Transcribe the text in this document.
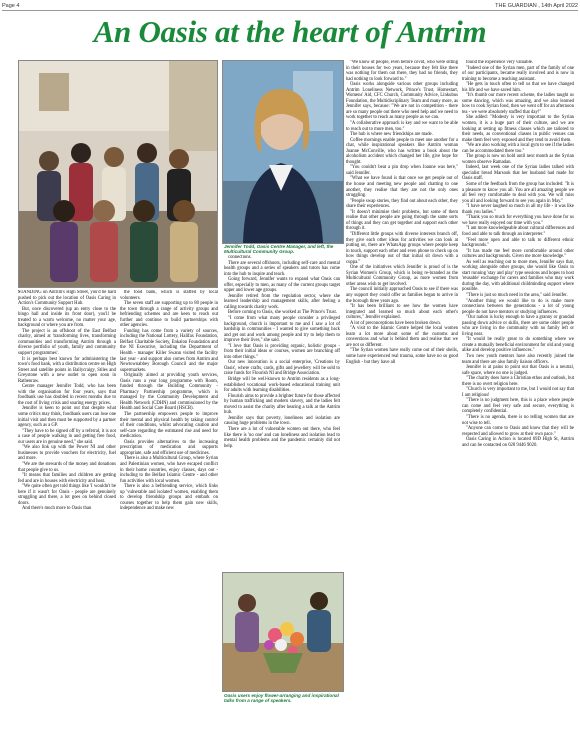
Page 4	THE GUARDIAN , 14th April 2022
An Oasis at the heart of Antrim
Jennifer Todd, Oasis Centre Manager, and left, the Multicultural Community Group.
Oasis users enjoy flower-arranging and inspirational talks from a range of speakers.

STANDING on Antrim's High Street, you'd be hard pushed to pick out the location of Oasis Caring in Action's Community Support Hub.

But, once discovered (up an entry close to the bingo hall and inside its front door), you'll be treated to a warm welcome, no matter your age, background or where you are from.

The project is an offshoot of the East Belfast charity, aimed at 'transforming lives, transforming communities and transforming Antrim through a diverse portfolio of youth, family and community support programmes'.

It is perhaps best known for administering the town's food bank, with a distribution centre on High Street and satellite points in Ballycraigy, Stiles and Greystone with a new outlet to open soon in Rathenraw.

Centre manager Jennifer Todd, who has been with the organisation for four years, says that foodbank use has doubled in recent months due to the cost of living crisis and soaring energy prices.

Jennifer is keen to point out that despite what some critics may think, foodbank users can lose one initial visit and then must be supported by a partner agency, such as a GP.

"They have to be signed off by a referral, it is not a case of people walking in and getting free food, our users are in genuine need," she said.

"We also link up with the Power NI and other businesses to provide vouchers for electricity, fuel and more.

"We are the stewards of the money and donations that people give to us.

"It means that families and children are getting fed and are in houses with electricity and heat.

"We quite often get told things like 'I wouldn't be here if it wasn't for Oasis - people are genuinely struggling and there, a lot goes on behind closed doors.

And there's much more to Oasis than

the food bank, which is staffed by local volunteers.

The seven staff are supporting up to 80 people in the town through a range of activity groups and befriending schemes and are keen to reach out further and continue to build partnerships with other agencies.

Funding has come from a variety of sources, including the National Lottery, Halifax Foundation, Belfast Charitable Society, Enkalon Foundation and the NI Executive, including the Department of Health - manager Kiiler Swann visited the facility last year - and support also comes from Antrim and Newtownabbey Borough Council and the major supermarkets.

Originally aimed at providing youth services, Oasis runs a year long programme with Room, funded through the Building Community - Pharmacy Partnership programme, which is managed by the Community Development and Health Network (CDHN) and commissioned by the Health and Social Care Board (HSCB).

The partnership empowers people to improve their mental and physical health by taking control of their conditions, whilst advocating caution and self-care regarding the estimated rise and need for medication.

Oasis provides alternatives to the increasing prescription of medication and supports appropriate, safe and efficient use of medicines.

There is also a Multicultural Group, where Syrian and Palestinian women, who have escaped conflict in their home countries, enjoy classes, days out - including to the Belfast Islamic Centre - and other fun activities with local women.

There is also a befriending service, which links up 'vulnerable and isolated' women, enabling them to develop friendship groups and embark on courses together to help them gain new skills, independence and make new

connections.

There are several offshoots, including self-care and mental health groups and a series of speakers and tutors has come into the hub to inspire and teach.

Going forward, Jennifer wants to expand what Oasis can offer, especially to men, as many of the current groups target upper and lower age groups.

Jennifer retired from the regulation sector, where she learned leadership and management skills, after feeling a calling towards charity work.

Before coming to Oasis, she worked at The Prince's Trust.

"I come from what many people consider a privileged background, church is important to me and I saw a lot of hardship in communities - I wanted to give something back and get out and work among people and try to help them to improve their lives," she said.

"I love that Oasis is providing organic, holistic groups - from their initial ideas or courses, women are branching off into other things."

Our new innovation is a social enterprise, 'Creations by Oasis', where crafts, cards, gifts and jewellery will be sold to raise funds for Flourish NI and Bridge Association.

Bridge will be well-known to Antrim residents as a long-established vocational work-based educational training unit for adults with learning disabilities.

Flourish aims to provide a brighter future for those affected by human trafficking and modern slavery, and the ladies felt moved to assist the charity after hearing a talk at the Antrim hub.

Jennifer says that poverty, loneliness and isolation are causing huge problems in the town.

There are a lot of vulnerable women out there, who feel like there is 'no one' and can loneliness and isolation lead to mental health problems and the pandemic certainly did not help.

"We know of people, even before covid, who were sitting in their houses for two years, because they felt like there was nothing for them out there, they had no friends, they had nothing to look forward to."

Oasis works alongside various other groups including Antrim Loneliness Network, Prince's Trust, Homestart, Womens' Aid, CFC Church, Community Advice, Linkubus Foundation, the Multidisciplinary Team and many more, as Jennifer says, because: "We are not in competition - there are so many people out there who need help and we need to work together to reach as many people as we can.

"A collaborative approach is key and we want to be able to reach out to more men, too."

The hub is where new friendships are made.

Coffee mornings enable people to meet one another for a chat, while inspirational speakers like Antrim woman Joanne McConville, who has written a book about the alcoholism accident which changed her life, give hope for thought.

"You couldn't beat a pin drop when Joanne was here," said Jennifer.

"What we have found is that once we get people out of the house and meeting new people and chatting to one another, they realise that they are not the only ones struggling.

"People swap stories, they find out about each other, they share their experiences.

"It doesn't minimise their problems, but some of them realise that other people are going through the same sorts of things and they can get together and support each other through it.

"Different little groups with diverse interests branch off, they give each other ideas for activities we can look at putting on, there are WhatsApp groups where people keep in touch, support each other and even phone to check up on how things develop out of that initial sit down with a cuppa."

One of the initiatives which Jennifer is proud of is the Syrian Women's Group, which is being re-branded as the Multicultural Community Group, as more women from other areas wish to get involved.

The council initially approached Oasis to see if there was any support they could offer as families began to arrive in the borough three years ago.

"It has been brilliant to see how the women have integrated and learned so much about each other's cultures," Jennifer explained.

A lot of preconceptions have been broken down.

"A visit to the Islamic Centre helped the local women learn a lot more about some of the customs and conventions and what is behind them and realise that we are not so different.

"The Syrian women have really come out of their shells, some have experienced real trauma, some have no so good English - but they have all

found the experience very valuable.

"Indeed one of the Syrian men, part of the family of one of our participants, became really involved and is now in training to become a teaching assistant.

"He gets in touch often to tell us that we have changed his life and we have saved him.

"It's thumb our more recent scheme, the ladies taught us some dancing, which was amazing, and we also learned how to cook Syrian food, then we went off for an afternoon tea - we were absolutely stuffed that day!"

She added: "Modesty is very important to the Syrian women, it is a huge part of their culture, and we are looking at setting up fitness classes which are tailored to their needs, as conventional classes in public venues can make them feel very exposed and they tend to avoid them.

"We are also working with a local gym to see if the ladies can be accommodated there too."

The group is now on hold until next month as the Syrian women observe Ramadan.

Indeed, last week one of the Syrian ladies talked with specialist bread Marsook that her husband had made for Oasis staff.

Some of the feedback from the group has included: "It is a pleasure to know you all. You are all amazing people we all feel very comfortable to deal with you. We will miss you all and looking forward to see you again in May."

"I have never laughed so much in all my life - it was like thank you ladies."

"Thank you so much for everything you have done for us we have really enjoyed our time with you."

"I am more knowledgeable about cultural differences and food and able to talk through an interpreter."

"Feel more open and able to talk to different ethnic backgrounds."

"It has made me feel more comfortable around other cultures and backgrounds. Given me more knowledge."

As well as reaching out to more men, Jennifer says that, working alongside other groups, she would like Oasis to start running 'stay and play' type sessions and hopes to host 'reusable' exchange for carers and families who may work during the day, with additional childminding support where possible.

"There is just so much need in the area," said Jennifer.

"Another thing we would like to do is make more connections between the generations - a lot of young people do not have mentors or studying influences.

"Our nation is lucky enough to have a granny or grandad passing down advice or skills, there are some older people who are living in the community with no family left or living near.

"It would be really great to do something where we create a mutually beneficial environment for old and young alike and develop positive influences."

Two new youth mentors have also recently joined the team and there are also family liaison officers.

Jennifer is at pains to point out that Oasis is a neutral, safe space, where no one is judged.

"The charity does have a Christian ethos and outlook, but there is no overt religion here.

"Church is very important to me, but I would not say that I am religious!

"There is no judgment here, this is a place where people can come and feel very safe and secure, everything is completely confidential.

"There is no agenda, there is no telling women that are not wise to tell.

"Anyone can come to Oasis and know that they will be respected and allowed to grow at their own pace."

Oasis Caring in Action is located 69D High St, Antrim and can be contacted on 028 9446 9020.
